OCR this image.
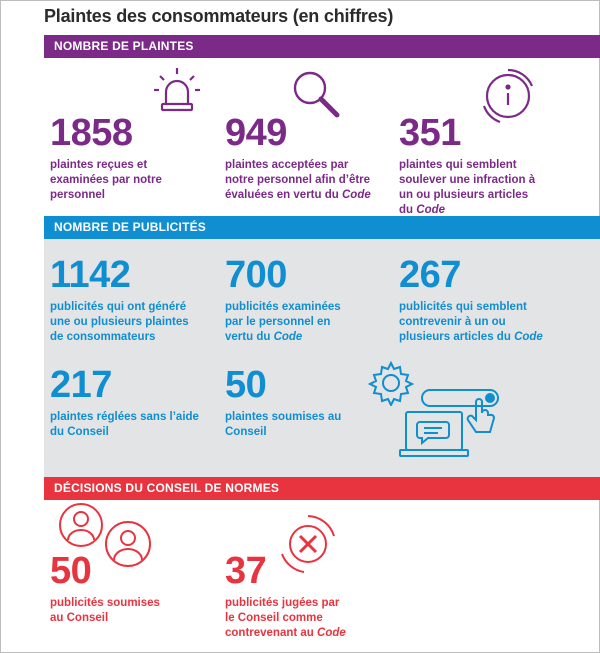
Plaintes des consommateurs (en chiffres)
NOMBRE DE PLAINTES
1858
plaintes reçues et
examinées par notre
personnel
949
plaintes acceptées par
notre personnel afin d’être
évaluées en vertu du Code
351
plaintes qui semblent
soulever une infraction à
un ou plusieurs articles
du Code
NOMBRE DE PUBLICITÉS
1142
publicités qui ont généré
une ou plusieurs plaintes
de consommateurs
700
publicités examinées
par le personnel en
vertu du Code
267
publicités qui semblent
contrevenir à un ou
plusieurs articles du Code
217
plaintes réglées sans l’aide
du Conseil
50
plaintes soumises au
Conseil
DÉCISIONS DU CONSEIL DE NORMES
50
publicités soumises
au Conseil
37
publicités jugées par
le Conseil comme
contrevenant au Code
